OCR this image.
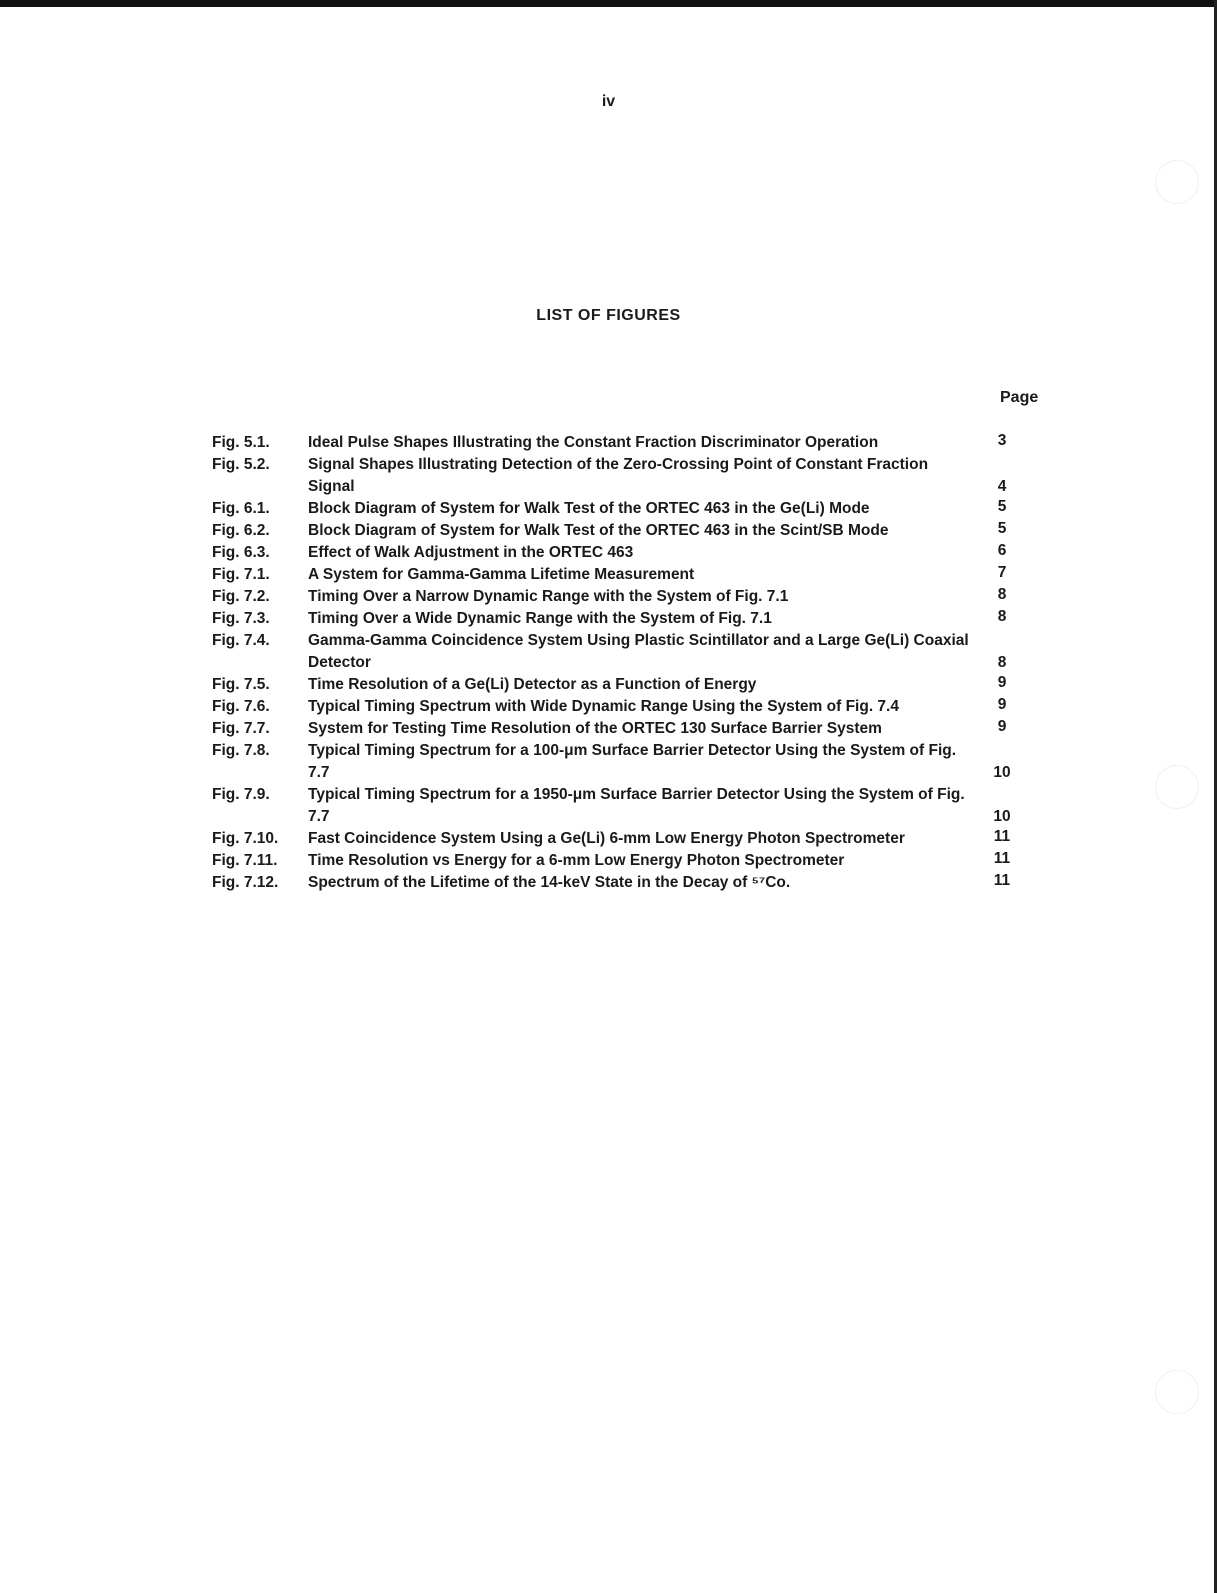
iv
LIST OF FIGURES
Page
Fig. 5.1.	Ideal Pulse Shapes Illustrating the Constant Fraction Discriminator Operation	3
Fig. 5.2.	Signal Shapes Illustrating Detection of the Zero-Crossing Point of Constant Fraction Signal	4
Fig. 6.1.	Block Diagram of System for Walk Test of the ORTEC 463 in the Ge(Li) Mode	5
Fig. 6.2.	Block Diagram of System for Walk Test of the ORTEC 463 in the Scint/SB Mode	5
Fig. 6.3.	Effect of Walk Adjustment in the ORTEC 463	6
Fig. 7.1.	A System for Gamma-Gamma Lifetime Measurement	7
Fig. 7.2.	Timing Over a Narrow Dynamic Range with the System of Fig. 7.1	8
Fig. 7.3.	Timing Over a Wide Dynamic Range with the System of Fig. 7.1	8
Fig. 7.4.	Gamma-Gamma Coincidence System Using Plastic Scintillator and a Large Ge(Li) Coaxial Detector	8
Fig. 7.5.	Time Resolution of a Ge(Li) Detector as a Function of Energy	9
Fig. 7.6.	Typical Timing Spectrum with Wide Dynamic Range Using the System of Fig. 7.4	9
Fig. 7.7.	System for Testing Time Resolution of the ORTEC 130 Surface Barrier System	9
Fig. 7.8.	Typical Timing Spectrum for a 100-μm Surface Barrier Detector Using the System of Fig. 7.7	10
Fig. 7.9.	Typical Timing Spectrum for a 1950-μm Surface Barrier Detector Using the System of Fig. 7.7	10
Fig. 7.10.	Fast Coincidence System Using a Ge(Li) 6-mm Low Energy Photon Spectrometer	11
Fig. 7.11.	Time Resolution vs Energy for a 6-mm Low Energy Photon Spectrometer	11
Fig. 7.12.	Spectrum of the Lifetime of the 14-keV State in the Decay of ⁵⁷Co.	11
